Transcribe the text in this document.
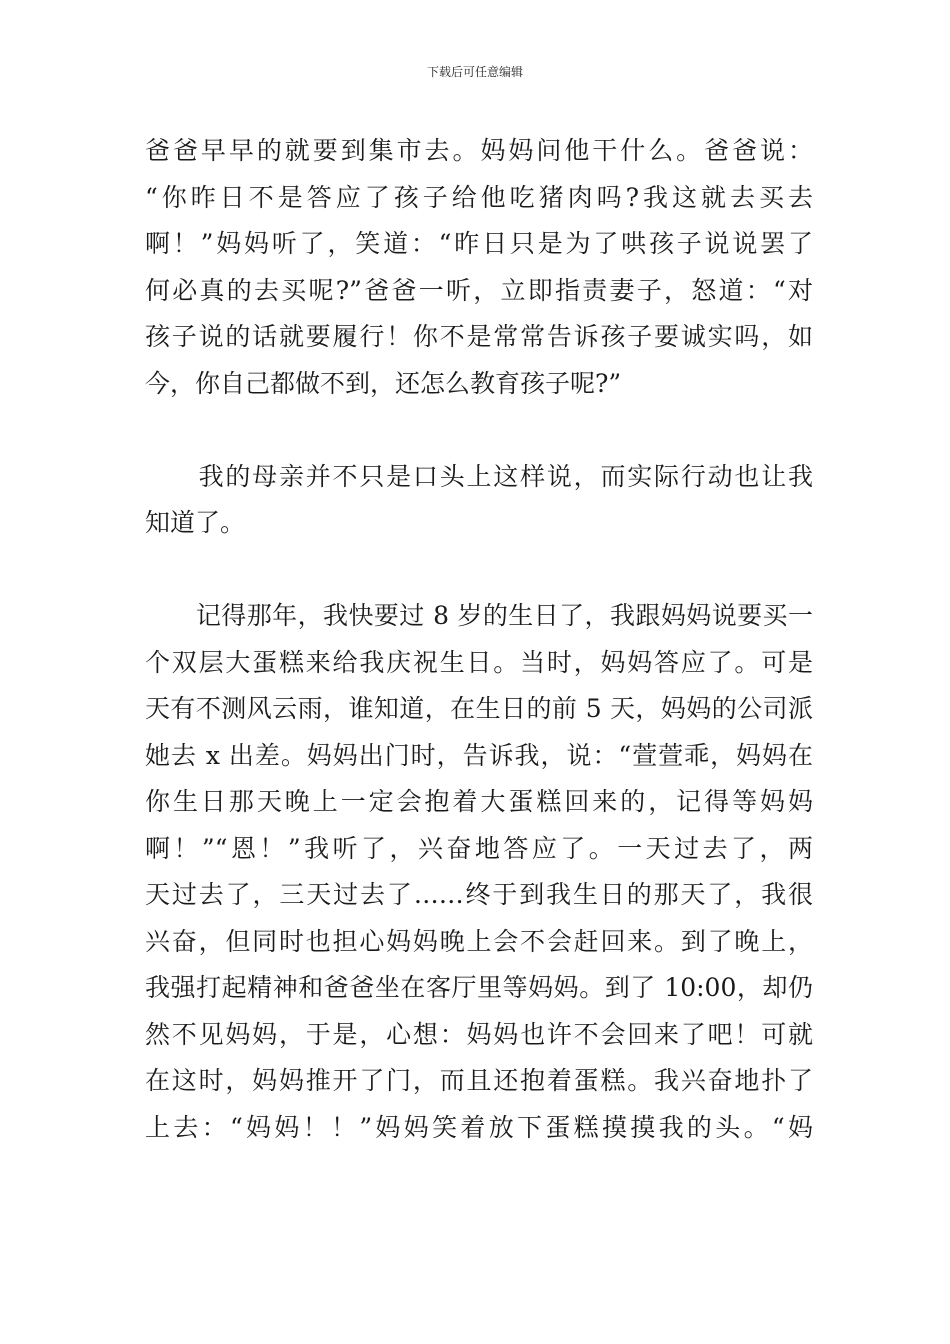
下载后可任意编辑
爸爸早早的就要到集市去。妈妈问他干什么。爸爸说：
“你昨日不是答应了孩子给他吃猪肉吗?我这就去买去
啊！”妈妈听了，笑道：“昨日只是为了哄孩子说说罢了
何必真的去买呢?”爸爸一听，立即指责妻子，怒道：“对
孩子说的话就要履行！你不是常常告诉孩子要诚实吗，如
今，你自己都做不到，还怎么教育孩子呢?”
　　我的母亲并不只是口头上这样说，而实际行动也让我
知道了。
　　记得那年，我快要过 8 岁的生日了，我跟妈妈说要买一
个双层大蛋糕来给我庆祝生日。当时，妈妈答应了。可是
天有不测风云雨，谁知道，在生日的前 5 天，妈妈的公司派
她去 x 出差。妈妈出门时，告诉我，说：“萱萱乖，妈妈在
你生日那天晚上一定会抱着大蛋糕回来的，记得等妈妈
啊！”“恩！”我听了，兴奋地答应了。一天过去了，两
天过去了，三天过去了……终于到我生日的那天了，我很
兴奋，但同时也担心妈妈晚上会不会赶回来。到了晚上，
我强打起精神和爸爸坐在客厅里等妈妈。到了 10:00，却仍
然不见妈妈，于是，心想：妈妈也许不会回来了吧！可就
在这时，妈妈推开了门，而且还抱着蛋糕。我兴奋地扑了
上去：“妈妈！！”妈妈笑着放下蛋糕摸摸我的头。“妈
